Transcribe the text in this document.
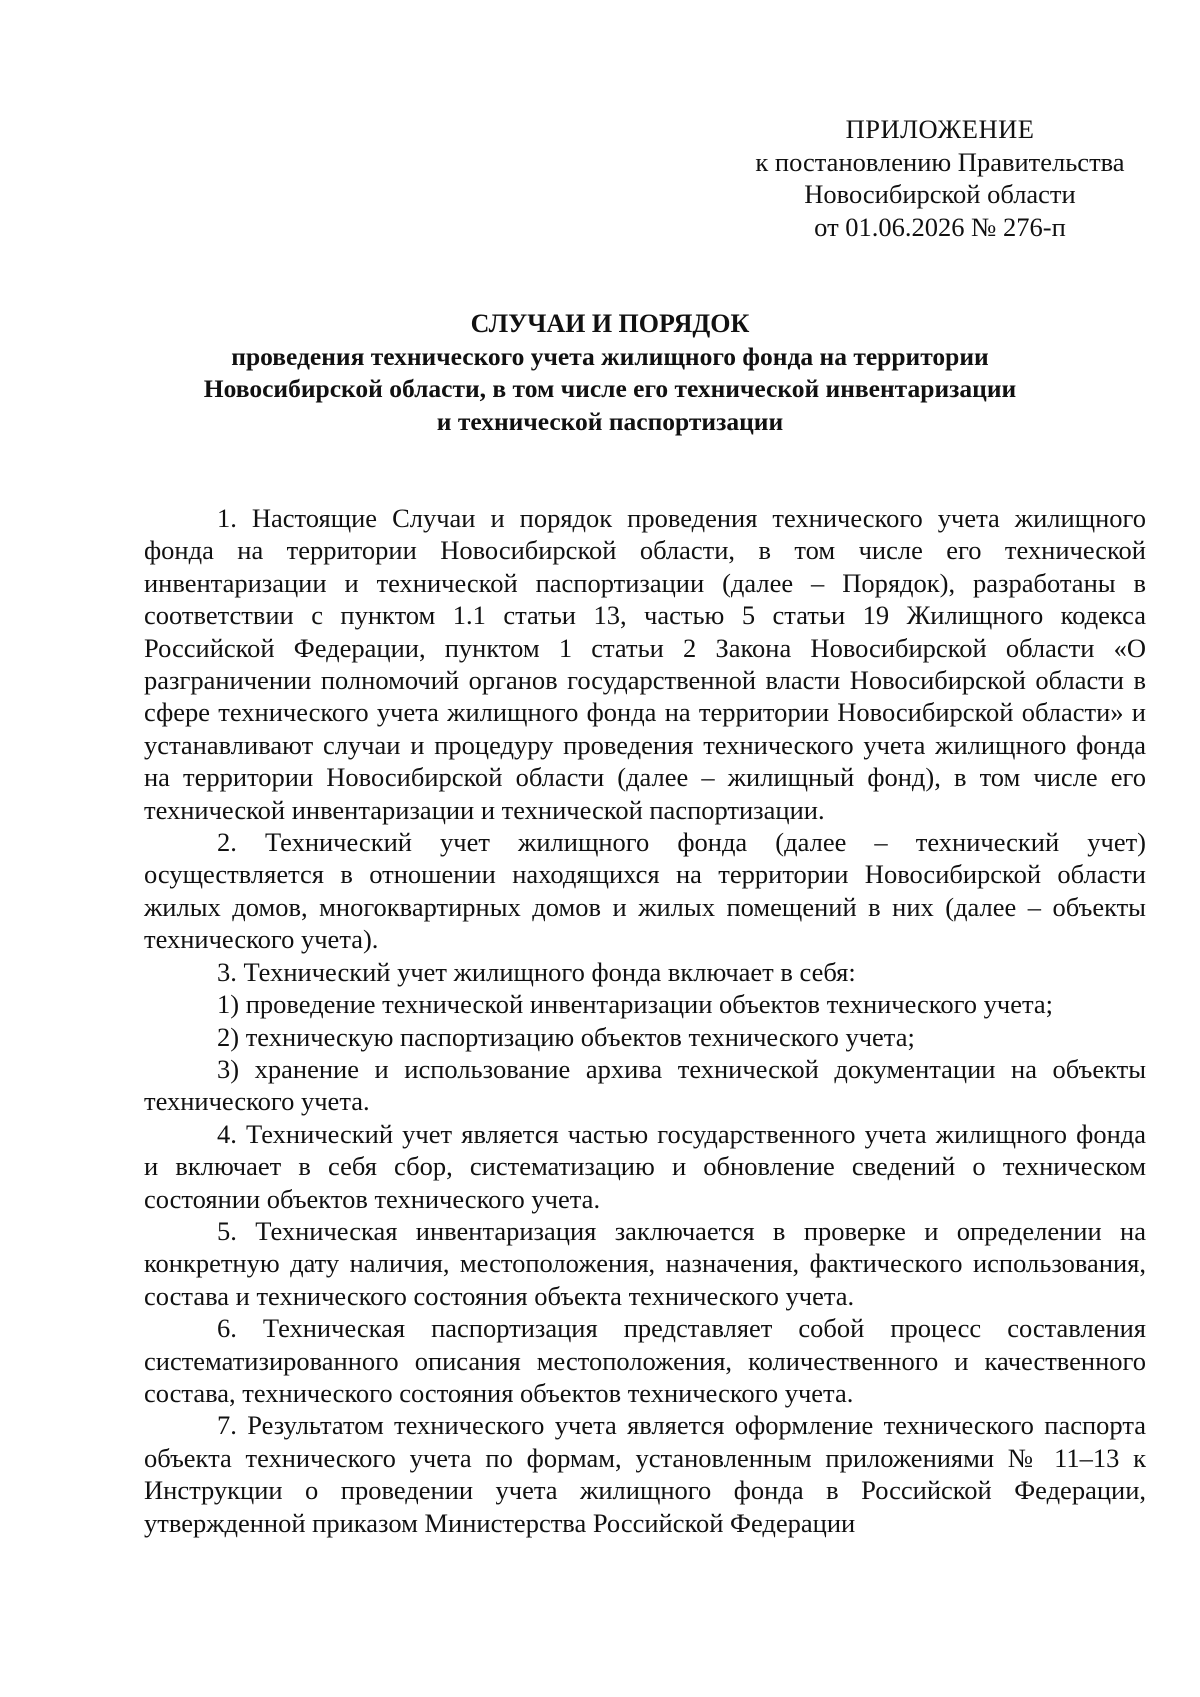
ПРИЛОЖЕНИЕ
к постановлению Правительства
Новосибирской области
от 01.06.2026 № 276-п
СЛУЧАИ И ПОРЯДОК
проведения технического учета жилищного фонда на территории
Новосибирской области, в том числе его технической инвентаризации
и технической паспортизации

1. Настоящие Случаи и порядок проведения технического учета жилищного фонда на территории Новосибирской области, в том числе его технической инвентаризации и технической паспортизации (далее – Порядок), разработаны в соответствии с пунктом 1.1 статьи 13, частью 5 статьи 19 Жилищного кодекса Российской Федерации, пунктом 1 статьи 2 Закона Новосибирской области «О разграничении полномочий органов государственной власти Новосибирской области в сфере технического учета жилищного фонда на территории Новосибирской области» и устанавливают случаи и процедуру проведения технического учета жилищного фонда на территории Новосибирской области (далее – жилищный фонд), в том числе его технической инвентаризации и технической паспортизации.

2. Технический учет жилищного фонда (далее – технический учет) осуществляется в отношении находящихся на территории Новосибирской области жилых домов, многоквартирных домов и жилых помещений в них (далее – объекты технического учета).

3. Технический учет жилищного фонда включает в себя:

1) проведение технической инвентаризации объектов технического учета;

2) техническую паспортизацию объектов технического учета;

3) хранение и использование архива технической документации на объекты технического учета.

4. Технический учет является частью государственного учета жилищного фонда и включает в себя сбор, систематизацию и обновление сведений о техническом состоянии объектов технического учета.

5. Техническая инвентаризация заключается в проверке и определении на конкретную дату наличия, местоположения, назначения, фактического использования, состава и технического состояния объекта технического учета.

6. Техническая паспортизация представляет собой процесс составления систематизированного описания местоположения, количественного и качественного состава, технического состояния объектов технического учета.

7. Результатом технического учета является оформление технического паспорта объекта технического учета по формам, установленным приложениями № 11–13 к Инструкции о проведении учета жилищного фонда в Российской Федерации, утвержденной приказом Министерства Российской Федерации
